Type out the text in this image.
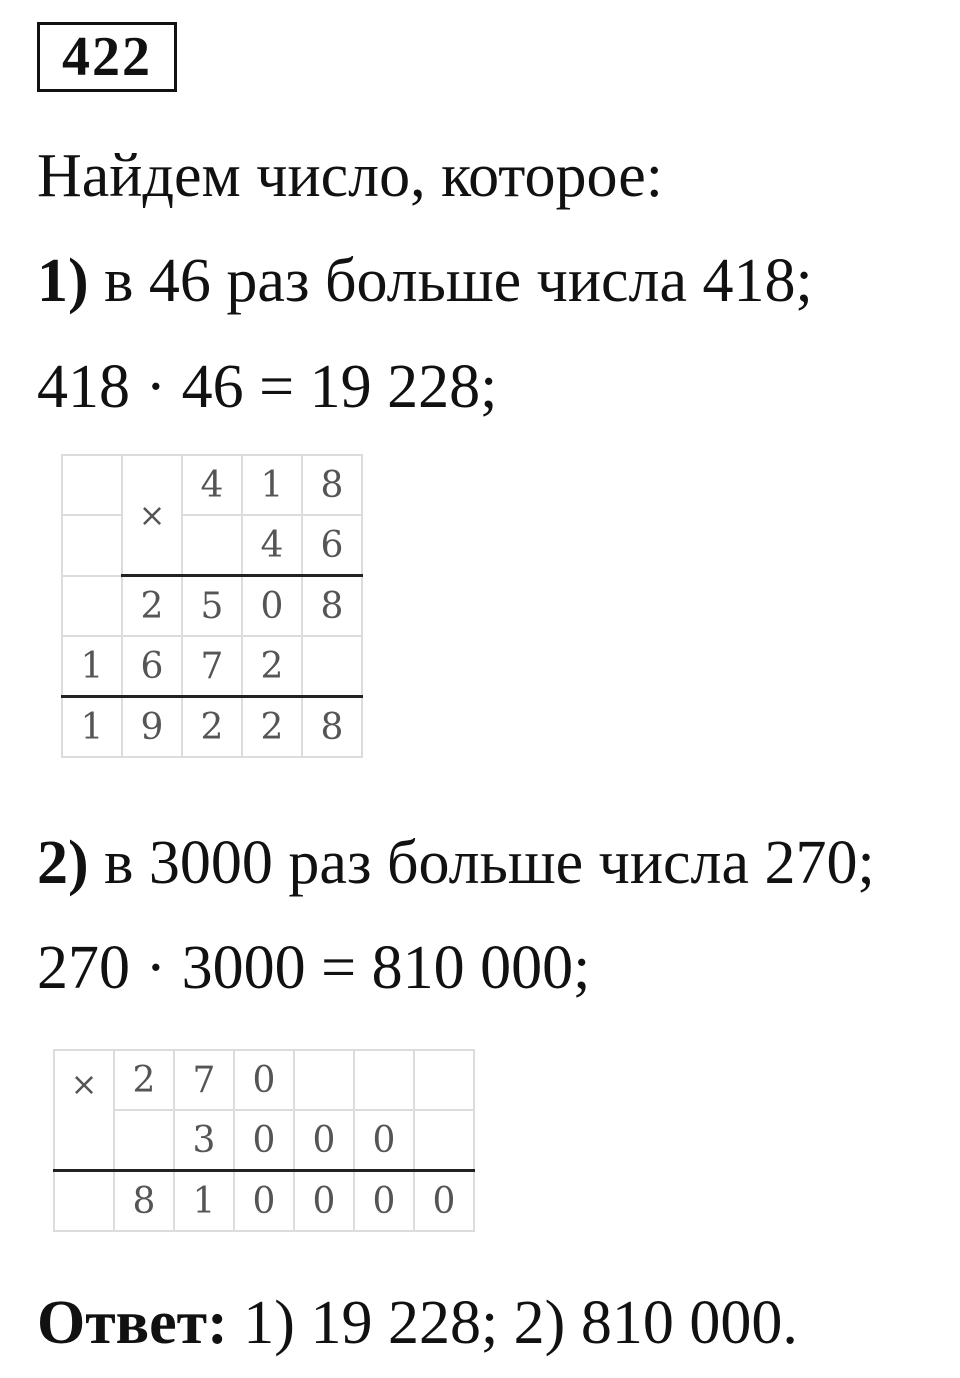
422
Найдем число, которое:
1) в 46 раз больше числа 418;
418 · 46 = 19 228;
	×	4	1	8
			4	6
	2	5	0	8
1	6	7	2	
1	9	2	2	8
2) в 3000 раз больше числа 270;
270 · 3000 = 810 000;
×	2	7	0			
		3	0	0	0	
	8	1	0	0	0	0
Ответ: 1) 19 228; 2) 810 000.
